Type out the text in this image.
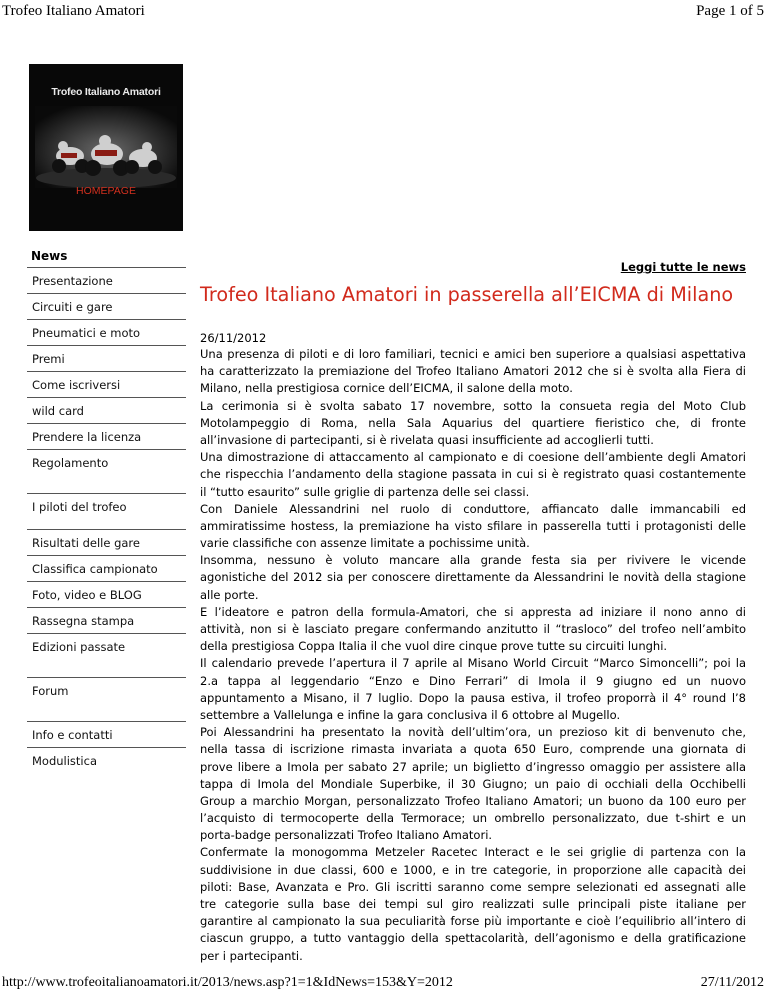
Trofeo Italiano Amatori	Page 1 of 5
Trofeo Italiano Amatori
HOMEPAGE
News
Presentazione
Circuiti e gare
Pneumatici e moto
Premi
Come iscriversi
wild card
Prendere la licenza
Regolamento
I piloti del trofeo
Risultati delle gare
Classifica campionato
Foto, video e BLOG
Rassegna stampa
Edizioni passate
Forum
Info e contatti
Modulistica
Leggi tutte le news
Trofeo Italiano Amatori in passerella all’EICMA di Milano
26/11/2012
Una presenza di piloti e di loro familiari, tecnici e amici ben superiore a qualsiasi aspettativa
ha caratterizzato la premiazione del Trofeo Italiano Amatori 2012 che si è svolta alla Fiera di
Milano, nella prestigiosa cornice dell’EICMA, il salone della moto.
La cerimonia si è svolta sabato 17 novembre, sotto la consueta regia del Moto Club
Motolampeggio di Roma, nella Sala Aquarius del quartiere fieristico che, di fronte
all’invasione di partecipanti, si è rivelata quasi insufficiente ad accoglierli tutti.
Una dimostrazione di attaccamento al campionato e di coesione dell’ambiente degli Amatori
che rispecchia l’andamento della stagione passata in cui si è registrato quasi costantemente
il “tutto esaurito” sulle griglie di partenza delle sei classi.
Con Daniele Alessandrini nel ruolo di conduttore, affiancato dalle immancabili ed
ammiratissime hostess, la premiazione ha visto sfilare in passerella tutti i protagonisti delle
varie classifiche con assenze limitate a pochissime unità.
Insomma, nessuno è voluto mancare alla grande festa sia per rivivere le vicende
agonistiche del 2012 sia per conoscere direttamente da Alessandrini le novità della stagione
alle porte.
E l’ideatore e patron della formula-Amatori, che si appresta ad iniziare il nono anno di
attività, non si è lasciato pregare confermando anzitutto il “trasloco” del trofeo nell’ambito
della prestigiosa Coppa Italia il che vuol dire cinque prove tutte su circuiti lunghi.
Il calendario prevede l’apertura il 7 aprile al Misano World Circuit “Marco Simoncelli”; poi la
2.a tappa al leggendario “Enzo e Dino Ferrari” di Imola il 9 giugno ed un nuovo
appuntamento a Misano, il 7 luglio. Dopo la pausa estiva, il trofeo proporrà il 4° round l’8
settembre a Vallelunga e infine la gara conclusiva il 6 ottobre al Mugello.
Poi Alessandrini ha presentato la novità dell’ultim’ora, un prezioso kit di benvenuto che,
nella tassa di iscrizione rimasta invariata a quota 650 Euro, comprende una giornata di
prove libere a Imola per sabato 27 aprile; un biglietto d’ingresso omaggio per assistere alla
tappa di Imola del Mondiale Superbike, il 30 Giugno; un paio di occhiali della Occhibelli
Group a marchio Morgan, personalizzato Trofeo Italiano Amatori; un buono da 100 euro per
l’acquisto di termocoperte della Termorace; un ombrello personalizzato, due t-shirt e un
porta-badge personalizzati Trofeo Italiano Amatori.
Confermate la monogomma Metzeler Racetec Interact e le sei griglie di partenza con la
suddivisione in due classi, 600 e 1000, e in tre categorie, in proporzione alle capacità dei
piloti: Base, Avanzata e Pro. Gli iscritti saranno come sempre selezionati ed assegnati alle
tre categorie sulla base dei tempi sul giro realizzati sulle principali piste italiane per
garantire al campionato la sua peculiarità forse più importante e cioè l’equilibrio all’intero di
ciascun gruppo, a tutto vantaggio della spettacolarità, dell’agonismo e della gratificazione
per i partecipanti.
http://www.trofeoitalianoamatori.it/2013/news.asp?1=1&IdNews=153&Y=2012	27/11/2012
